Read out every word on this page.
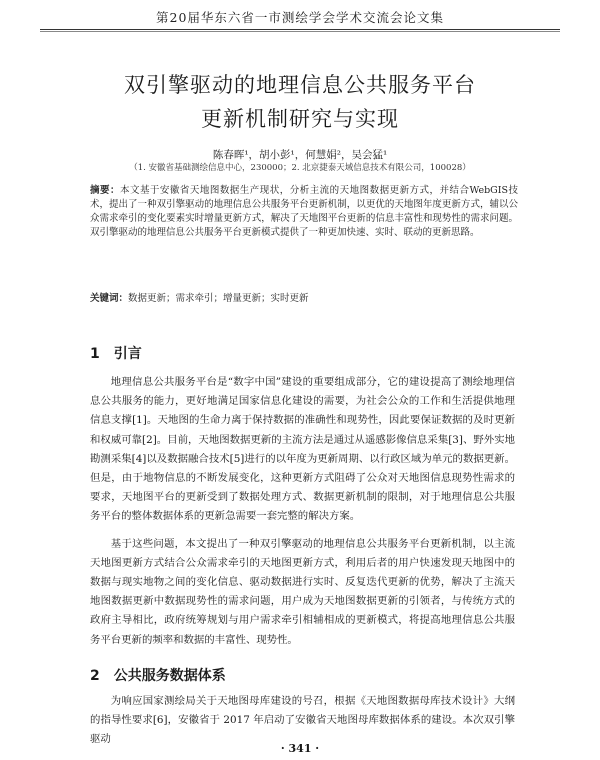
第20届华东六省一市测绘学会学术交流会论文集
双引擎驱动的地理信息公共服务平台
更新机制研究与实现
陈春晖¹，胡小彭¹，何慧娟²，吴会猛¹
（1. 安徽省基础测绘信息中心，230000；2. 北京捷泰天域信息技术有限公司，100028）
摘要：本文基于安徽省天地图数据生产现状，分析主流的天地图数据更新方式，并结合WebGIS技术，提出了一种双引擎驱动的地理信息公共服务平台更新机制，以更优的天地图年度更新方式，辅以公众需求牵引的变化要素实时增量更新方式，解决了天地图平台更新的信息丰富性和现势性的需求问题。双引擎驱动的地理信息公共服务平台更新模式提供了一种更加快速、实时、联动的更新思路。
关键词：数据更新；需求牵引；增量更新；实时更新
1 引言

地理信息公共服务平台是“数字中国”建设的重要组成部分，它的建设提高了测绘地理信息公共服务的能力，更好地满足国家信息化建设的需要，为社会公众的工作和生活提供地理信息支撑[1]。天地图的生命力离于保持数据的准确性和现势性，因此要保证数据的及时更新和权威可靠[2]。目前，天地图数据更新的主流方法是通过从遥感影像信息采集[3]、野外实地勘测采集[4]以及数据融合技术[5]进行的以年度为更新周期、以行政区域为单元的数据更新。但是，由于地物信息的不断发展变化，这种更新方式阻碍了公众对天地图信息现势性需求的要求，天地图平台的更新受到了数据处理方式、数据更新机制的限制，对于地理信息公共服务平台的整体数据体系的更新急需要一套完整的解决方案。

基于这些问题，本文提出了一种双引擎驱动的地理信息公共服务平台更新机制，以主流天地图更新方式结合公众需求牵引的天地图更新方式，利用后者的用户快速发现天地图中的数据与现实地物之间的变化信息、驱动数据进行实时、反复迭代更新的优势，解决了主流天地图数据更新中数据现势性的需求问题，用户成为天地图数据更新的引领者，与传统方式的政府主导相比，政府统筹规划与用户需求牵引相辅相成的更新模式，将提高地理信息公共服务平台更新的频率和数据的丰富性、现势性。

2 公共服务数据体系

为响应国家测绘局关于天地图母库建设的号召，根据《天地图数据母库技术设计》大纲的指导性要求[6]，安徽省于 2017 年启动了安徽省天地图母库数据体系的建设。本次双引擎驱动

· 341 ·
